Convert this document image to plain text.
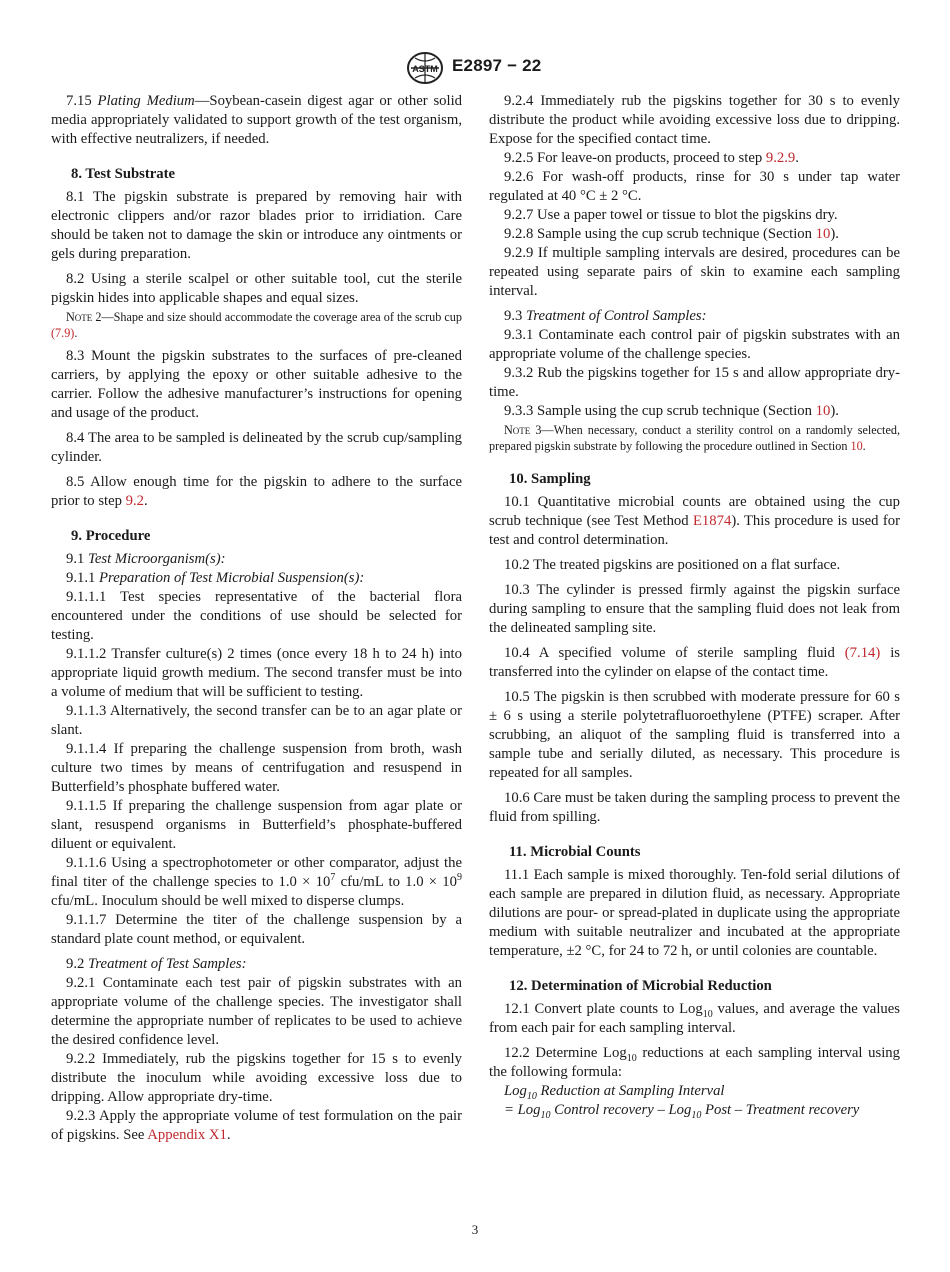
ASTM E2897 − 22

7.15 Plating Medium—Soybean-casein digest agar or other solid media appropriately validated to support growth of the test organism, with effective neutralizers, if needed.

8. Test Substrate

8.1 The pigskin substrate is prepared by removing hair with electronic clippers and/or razor blades prior to irridiation. Care should be taken not to damage the skin or introduce any ointments or gels during preparation.

8.2 Using a sterile scalpel or other suitable tool, cut the sterile pigskin hides into applicable shapes and equal sizes.

Note 2—Shape and size should accommodate the coverage area of the scrub cup (7.9).

8.3 Mount the pigskin substrates to the surfaces of pre-cleaned carriers, by applying the epoxy or other suitable adhesive to the carrier. Follow the adhesive manufacturer’s instructions for opening and usage of the product.

8.4 The area to be sampled is delineated by the scrub cup/sampling cylinder.

8.5 Allow enough time for the pigskin to adhere to the surface prior to step 9.2.

9. Procedure

9.1 Test Microorganism(s):

9.1.1 Preparation of Test Microbial Suspension(s):

9.1.1.1 Test species representative of the bacterial flora encountered under the conditions of use should be selected for testing.

9.1.1.2 Transfer culture(s) 2 times (once every 18 h to 24 h) into appropriate liquid growth medium. The second transfer must be into a volume of medium that will be sufficient to testing.

9.1.1.3 Alternatively, the second transfer can be to an agar plate or slant.

9.1.1.4 If preparing the challenge suspension from broth, wash culture two times by means of centrifugation and resuspend in Butterfield’s phosphate buffered water.

9.1.1.5 If preparing the challenge suspension from agar plate or slant, resuspend organisms in Butterfield’s phosphate-buffered diluent or equivalent.

9.1.1.6 Using a spectrophotometer or other comparator, adjust the final titer of the challenge species to $1.0 \times 10^7$ cfu/mL to $1.0 \times 10^9$ cfu/mL. Inoculum should be well mixed to disperse clumps.

9.1.1.7 Determine the titer of the challenge suspension by a standard plate count method, or equivalent.

9.2 Treatment of Test Samples:

9.2.1 Contaminate each test pair of pigskin substrates with an appropriate volume of the challenge species. The investigator shall determine the appropriate number of replicates to be used to achieve the desired confidence level.

9.2.2 Immediately, rub the pigskins together for 15 s to evenly distribute the inoculum while avoiding excessive loss due to dripping. Allow appropriate dry-time.

9.2.3 Apply the appropriate volume of test formulation on the pair of pigskins. See Appendix X1.

9.2.4 Immediately rub the pigskins together for 30 s to evenly distribute the product while avoiding excessive loss due to dripping. Expose for the specified contact time.

9.2.5 For leave-on products, proceed to step 9.2.9.

9.2.6 For wash-off products, rinse for 30 s under tap water regulated at 40 °C ± 2 °C.

9.2.7 Use a paper towel or tissue to blot the pigskins dry.

9.2.8 Sample using the cup scrub technique (Section 10).

9.2.9 If multiple sampling intervals are desired, procedures can be repeated using separate pairs of skin to examine each sampling interval.

9.3 Treatment of Control Samples:

9.3.1 Contaminate each control pair of pigskin substrates with an appropriate volume of the challenge species.

9.3.2 Rub the pigskins together for 15 s and allow appropriate dry-time.

9.3.3 Sample using the cup scrub technique (Section 10).

Note 3—When necessary, conduct a sterility control on a randomly selected, prepared pigskin substrate by following the procedure outlined in Section 10.

10. Sampling

10.1 Quantitative microbial counts are obtained using the cup scrub technique (see Test Method E1874). This procedure is used for test and control determination.

10.2 The treated pigskins are positioned on a flat surface.

10.3 The cylinder is pressed firmly against the pigskin surface during sampling to ensure that the sampling fluid does not leak from the delineated sampling site.

10.4 A specified volume of sterile sampling fluid (7.14) is transferred into the cylinder on elapse of the contact time.

10.5 The pigskin is then scrubbed with moderate pressure for 60 s ± 6 s using a sterile polytetrafluoroethylene (PTFE) scraper. After scrubbing, an aliquot of the sampling fluid is transferred into a sample tube and serially diluted, as necessary. This procedure is repeated for all samples.

10.6 Care must be taken during the sampling process to prevent the fluid from spilling.

11. Microbial Counts

11.1 Each sample is mixed thoroughly. Ten-fold serial dilutions of each sample are prepared in dilution fluid, as necessary. Appropriate dilutions are pour- or spread-plated in duplicate using the appropriate medium with suitable neutralizer and incubated at the appropriate temperature, ±2 °C, for 24 to 72 h, or until colonies are countable.

12. Determination of Microbial Reduction

12.1 Convert plate counts to Log$_{10}$ values, and average the values from each pair for each sampling interval.

12.2 Determine Log$_{10}$ reductions at each sampling interval using the following formula:

Log$_{10}$ Reduction at Sampling Interval

= Log$_{10}$ Control recovery – Log$_{10}$ Post – Treatment recovery

3
